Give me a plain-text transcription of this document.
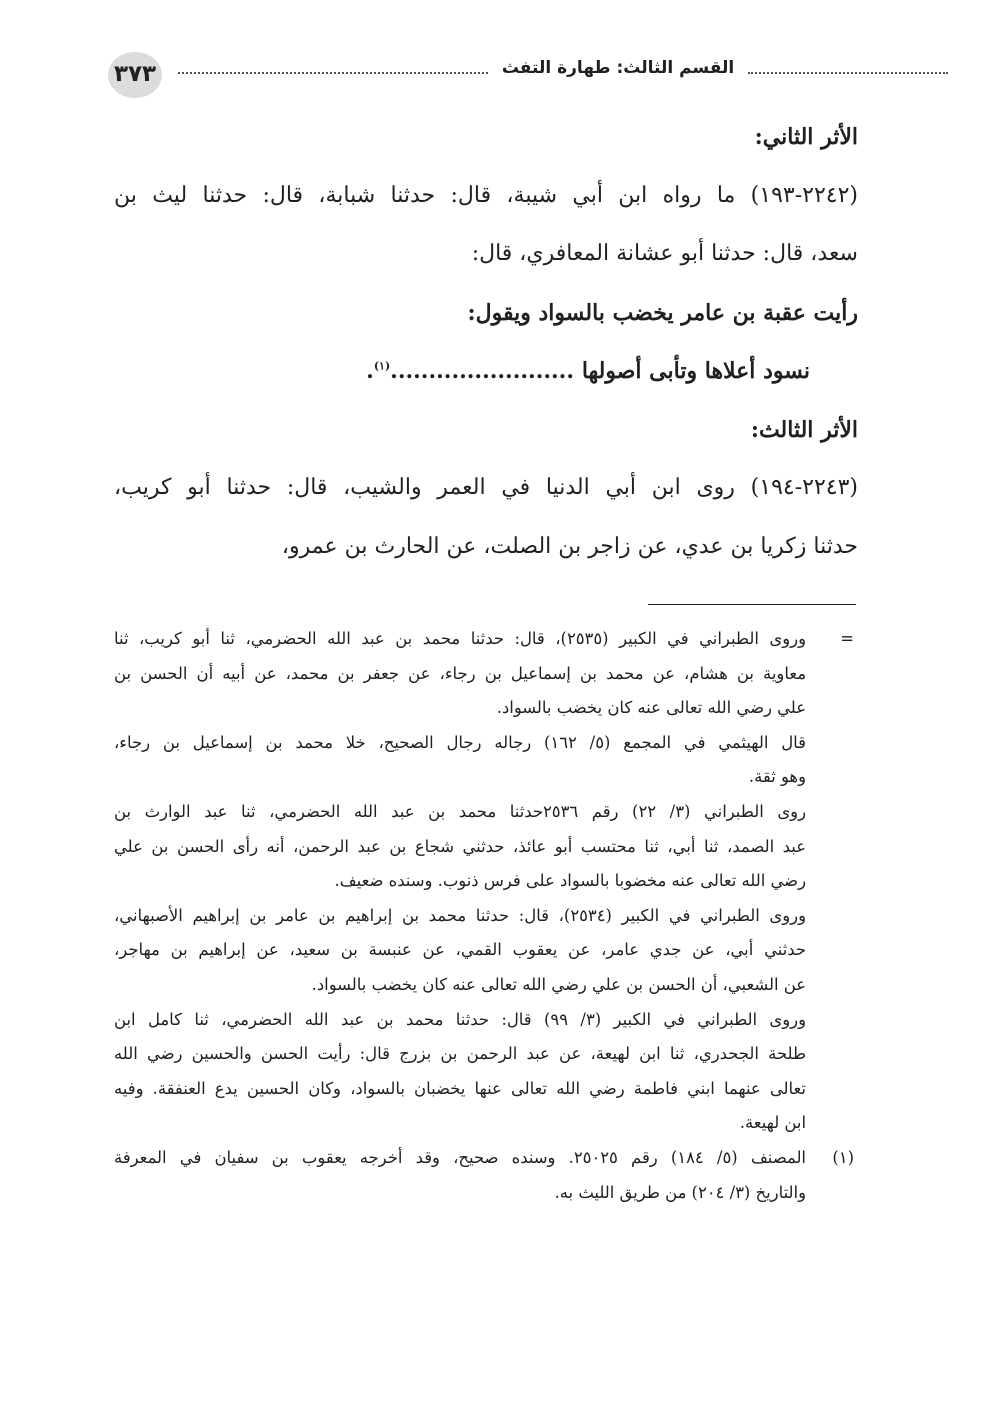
٣٧٣	القسم الثالث: طهارة التفث
الأثر الثاني:
(٢٢٤٢-١٩٣) ما رواه ابن أبي شيبة، قال: حدثنا شبابة، قال: حدثنا ليث بن
سعد، قال: حدثنا أبو عشانة المعافري، قال:
رأيت عقبة بن عامر يخضب بالسواد ويقول:
نسود أعلاها وتأبى أصولها
........................$^{(١)}$.
الأثر الثالث:
(٢٢٤٣-١٩٤) روى ابن أبي الدنيا في العمر والشيب، قال: حدثنا أبو كريب،
حدثنا زكريا بن عدي، عن زاجر بن الصلت، عن الحارث بن عمرو،
=
وروى الطبراني في الكبير (٢٥٣٥)، قال: حدثنا محمد بن عبد الله الحضرمي، ثنا أبو كريب، ثنا
معاوية بن هشام، عن محمد بن إسماعيل بن رجاء، عن جعفر بن محمد، عن أبيه أن الحسن بن
علي رضي الله تعالى عنه كان يخضب بالسواد.
قال الهيثمي في المجمع (٥/ ١٦٢) رجاله رجال الصحيح، خلا محمد بن إسماعيل بن رجاء،
وهو ثقة.
روى الطبراني (٣/ ٢٢) رقم ٢٥٣٦حدثنا محمد بن عبد الله الحضرمي، ثنا عبد الوارث بن
عبد الصمد، ثنا أبي، ثنا محتسب أبو عائذ، حدثني شجاع بن عبد الرحمن، أنه رأى الحسن بن علي
رضي الله تعالى عنه مخضوبا بالسواد على فرس ذنوب. وسنده ضعيف.
وروى الطبراني في الكبير (٢٥٣٤)، قال: حدثنا محمد بن إبراهيم بن عامر بن إبراهيم الأصبهاني،
حدثني أبي، عن جدي عامر، عن يعقوب القمي، عن عنبسة بن سعيد، عن إبراهيم بن مهاجر،
عن الشعبي، أن الحسن بن علي رضي الله تعالى عنه كان يخضب بالسواد.
وروى الطبراني في الكبير (٣/ ٩٩) قال: حدثنا محمد بن عبد الله الحضرمي، ثنا كامل ابن
طلحة الجحدري، ثنا ابن لهيعة، عن عبد الرحمن بن بزرج قال: رأيت الحسن والحسين رضي الله
تعالى عنهما ابني فاطمة رضي الله تعالى عنها يخضبان بالسواد، وكان الحسين يدع العنفقة. وفيه
ابن لهيعة.
(١)
المصنف (٥/ ١٨٤) رقم ٢٥٠٢٥. وسنده صحيح، وقد أخرجه يعقوب بن سفيان في المعرفة
والتاريخ (٣/ ٢٠٤) من طريق الليث به.
